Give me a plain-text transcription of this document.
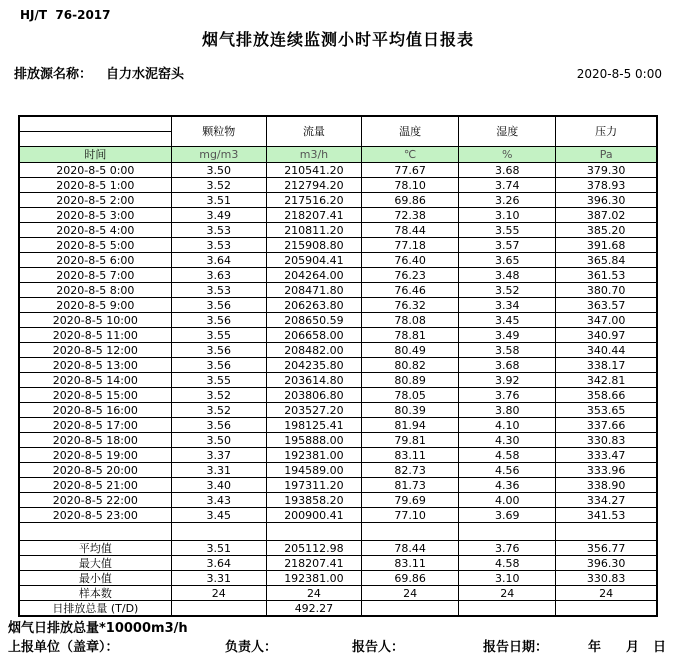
HJ/T  76-2017
烟气排放连续监测小时平均值日报表
排放源名称： 自力水泥窑头	2020-8-5 0:00
	颗粒物	流量	温度	湿度	压力

时间	mg/m3	m3/h	℃	%	Pa
2020-8-5 0:00	3.50	210541.20	77.67	3.68	379.30
2020-8-5 1:00	3.52	212794.20	78.10	3.74	378.93
2020-8-5 2:00	3.51	217516.20	69.86	3.26	396.30
2020-8-5 3:00	3.49	218207.41	72.38	3.10	387.02
2020-8-5 4:00	3.53	210811.20	78.44	3.55	385.20
2020-8-5 5:00	3.53	215908.80	77.18	3.57	391.68
2020-8-5 6:00	3.64	205904.41	76.40	3.65	365.84
2020-8-5 7:00	3.63	204264.00	76.23	3.48	361.53
2020-8-5 8:00	3.53	208471.80	76.46	3.52	380.70
2020-8-5 9:00	3.56	206263.80	76.32	3.34	363.57
2020-8-5 10:00	3.56	208650.59	78.08	3.45	347.00
2020-8-5 11:00	3.55	206658.00	78.81	3.49	340.97
2020-8-5 12:00	3.56	208482.00	80.49	3.58	340.44
2020-8-5 13:00	3.56	204235.80	80.82	3.68	338.17
2020-8-5 14:00	3.55	203614.80	80.89	3.92	342.81
2020-8-5 15:00	3.52	203806.80	78.05	3.76	358.66
2020-8-5 16:00	3.52	203527.20	80.39	3.80	353.65
2020-8-5 17:00	3.56	198125.41	81.94	4.10	337.66
2020-8-5 18:00	3.50	195888.00	79.81	4.30	330.83
2020-8-5 19:00	3.37	192381.00	83.11	4.58	333.47
2020-8-5 20:00	3.31	194589.00	82.73	4.56	333.96
2020-8-5 21:00	3.40	197311.20	81.73	4.36	338.90
2020-8-5 22:00	3.43	193858.20	79.69	4.00	334.27
2020-8-5 23:00	3.45	200900.41	77.10	3.69	341.53

平均值	3.51	205112.98	78.44	3.76	356.77
最大值	3.64	218207.41	83.11	4.58	396.30
最小值	3.31	192381.00	69.86	3.10	330.83
样本数	24	24	24	24	24
日排放总量 (T/D)		492.27			
烟气日排放总量*10000m3/h
上报单位（盖章）：	负责人：	报告人：	报告日期：	年 月 日
